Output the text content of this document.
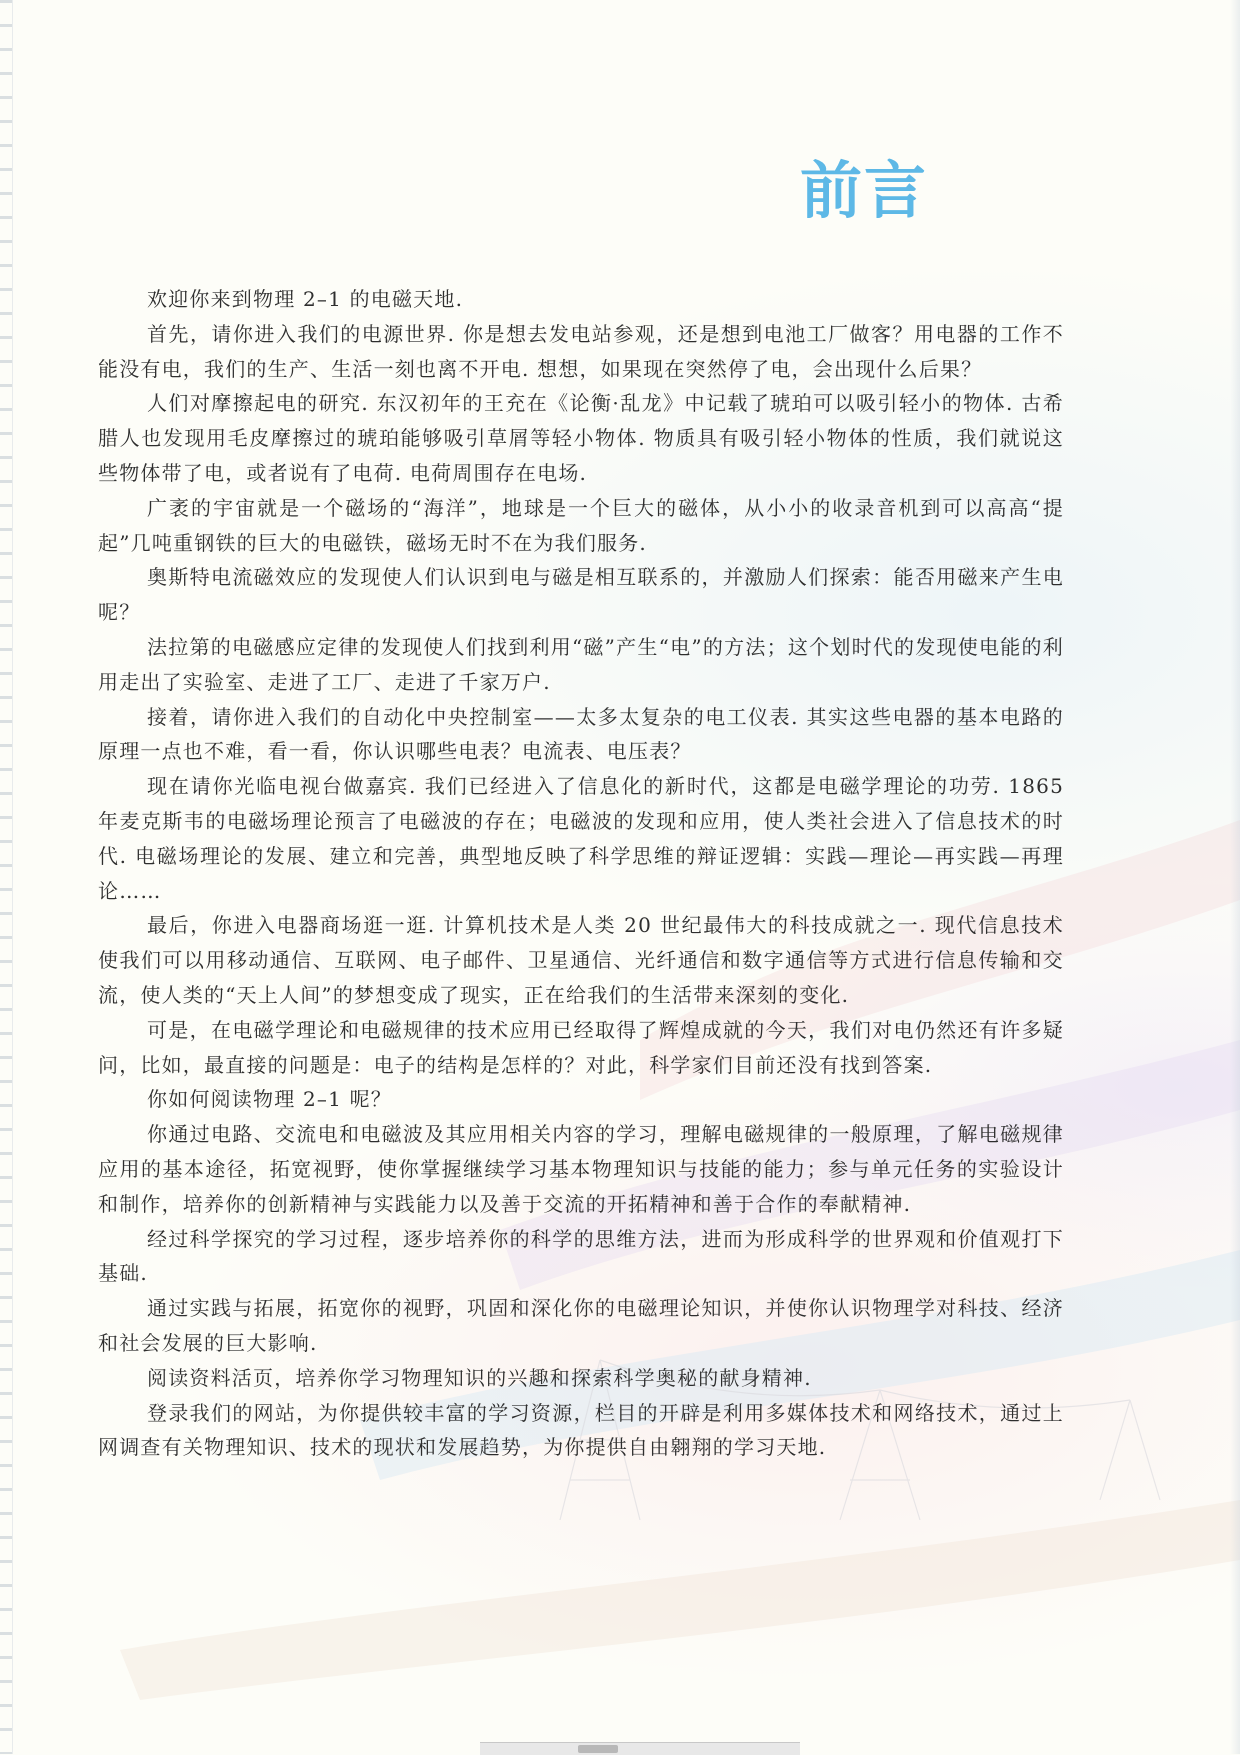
前言

欢迎你来到物理 2–1 的电磁天地.

首先，请你进入我们的电源世界. 你是想去发电站参观，还是想到电池工厂做客？用电器的工作不能没有电，我们的生产、生活一刻也离不开电. 想想，如果现在突然停了电，会出现什么后果？

人们对摩擦起电的研究. 东汉初年的王充在《论衡·乱龙》中记载了琥珀可以吸引轻小的物体. 古希腊人也发现用毛皮摩擦过的琥珀能够吸引草屑等轻小物体. 物质具有吸引轻小物体的性质，我们就说这些物体带了电，或者说有了电荷. 电荷周围存在电场.

广袤的宇宙就是一个磁场的“海洋”，地球是一个巨大的磁体，从小小的收录音机到可以高高“提起”几吨重钢铁的巨大的电磁铁，磁场无时不在为我们服务.

奥斯特电流磁效应的发现使人们认识到电与磁是相互联系的，并激励人们探索：能否用磁来产生电呢？

法拉第的电磁感应定律的发现使人们找到利用“磁”产生“电”的方法；这个划时代的发现使电能的利用走出了实验室、走进了工厂、走进了千家万户.

接着，请你进入我们的自动化中央控制室——太多太复杂的电工仪表. 其实这些电器的基本电路的原理一点也不难，看一看，你认识哪些电表？电流表、电压表？

现在请你光临电视台做嘉宾. 我们已经进入了信息化的新时代，这都是电磁学理论的功劳. 1865 年麦克斯韦的电磁场理论预言了电磁波的存在；电磁波的发现和应用，使人类社会进入了信息技术的时代. 电磁场理论的发展、建立和完善，典型地反映了科学思维的辩证逻辑：实践—理论—再实践—再理论……

最后，你进入电器商场逛一逛. 计算机技术是人类 20 世纪最伟大的科技成就之一. 现代信息技术使我们可以用移动通信、互联网、电子邮件、卫星通信、光纤通信和数字通信等方式进行信息传输和交流，使人类的“天上人间”的梦想变成了现实，正在给我们的生活带来深刻的变化.

可是，在电磁学理论和电磁规律的技术应用已经取得了辉煌成就的今天，我们对电仍然还有许多疑问，比如，最直接的问题是：电子的结构是怎样的？对此，科学家们目前还没有找到答案.

你如何阅读物理 2–1 呢？

你通过电路、交流电和电磁波及其应用相关内容的学习，理解电磁规律的一般原理，了解电磁规律应用的基本途径，拓宽视野，使你掌握继续学习基本物理知识与技能的能力；参与单元任务的实验设计和制作，培养你的创新精神与实践能力以及善于交流的开拓精神和善于合作的奉献精神.

经过科学探究的学习过程，逐步培养你的科学的思维方法，进而为形成科学的世界观和价值观打下基础.

通过实践与拓展，拓宽你的视野，巩固和深化你的电磁理论知识，并使你认识物理学对科技、经济和社会发展的巨大影响.

阅读资料活页，培养你学习物理知识的兴趣和探索科学奥秘的献身精神.

登录我们的网站，为你提供较丰富的学习资源，栏目的开辟是利用多媒体技术和网络技术，通过上网调查有关物理知识、技术的现状和发展趋势，为你提供自由翱翔的学习天地.
